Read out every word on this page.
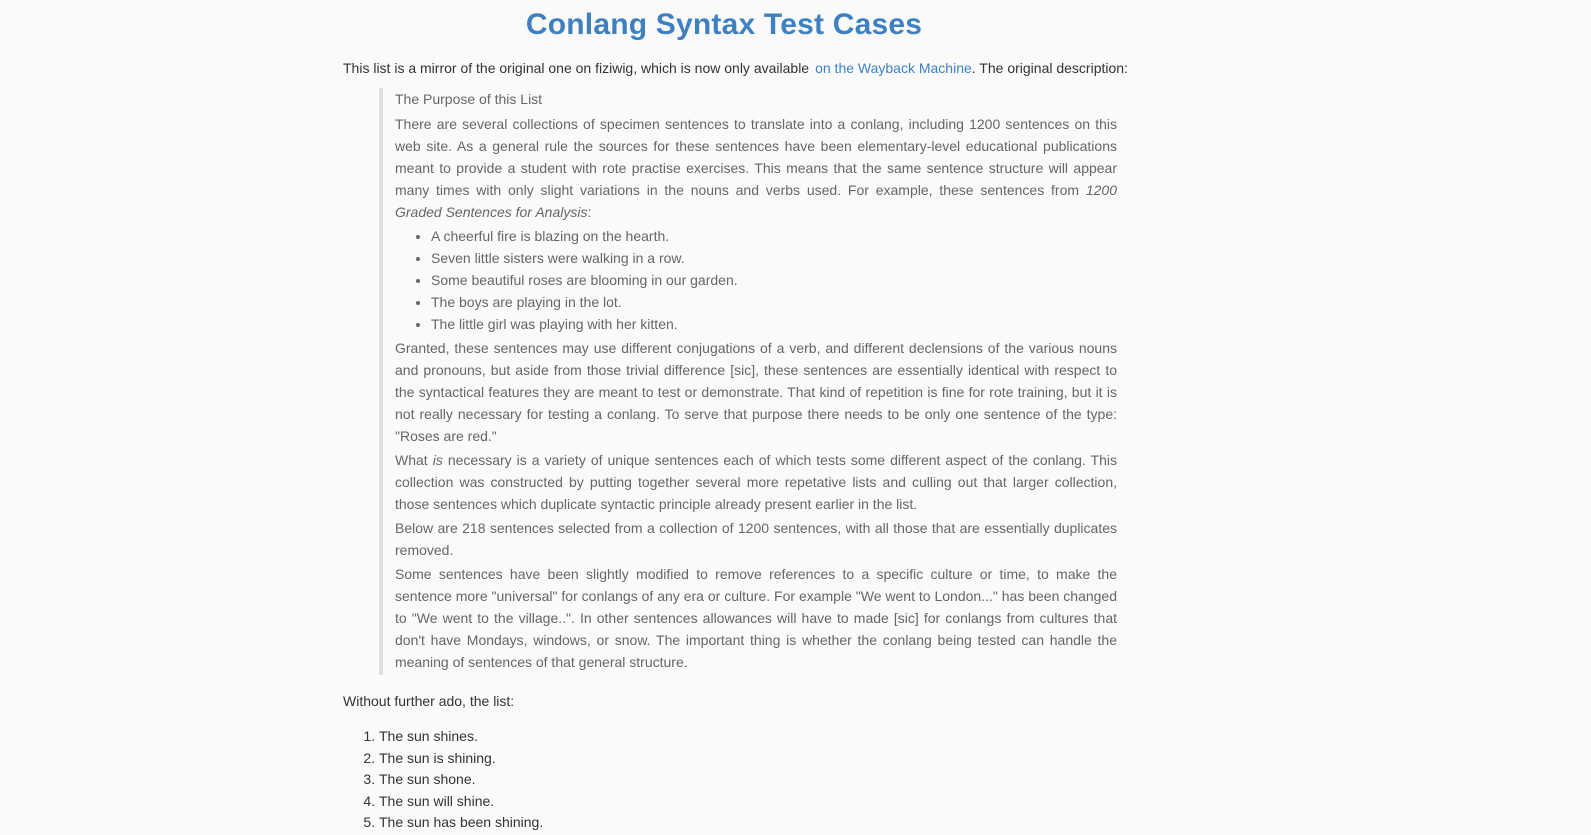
Conlang Syntax Test Cases

This list is a mirror of the original one on fiziwig, which is now only available on the Wayback Machine. The original description:

The Purpose of this List

There are several collections of specimen sentences to translate into a conlang, including 1200 sentences on this web site. As a general rule the sources for these sentences have been elementary-level educational publications meant to provide a student with rote practise exercises. This means that the same sentence structure will appear many times with only slight variations in the nouns and verbs used. For example, these sentences from 1200 Graded Sentences for Analysis:

• A cheerful fire is blazing on the hearth.
• Seven little sisters were walking in a row.
• Some beautiful roses are blooming in our garden.
• The boys are playing in the lot.
• The little girl was playing with her kitten.

Granted, these sentences may use different conjugations of a verb, and different declensions of the various nouns and pronouns, but aside from those trivial difference [sic], these sentences are essentially identical with respect to the syntactical features they are meant to test or demonstrate. That kind of repetition is fine for rote training, but it is not really necessary for testing a conlang. To serve that purpose there needs to be only one sentence of the type: "Roses are red."

What is necessary is a variety of unique sentences each of which tests some different aspect of the conlang. This collection was constructed by putting together several more repetative lists and culling out that larger collection, those sentences which duplicate syntactic principle already present earlier in the list.

Below are 218 sentences selected from a collection of 1200 sentences, with all those that are essentially duplicates removed.

Some sentences have been slightly modified to remove references to a specific culture or time, to make the sentence more "universal" for conlangs of any era or culture. For example "We went to London..." has been changed to "We went to the village..". In other sentences allowances will have to made [sic] for conlangs from cultures that don't have Mondays, windows, or snow. The important thing is whether the conlang being tested can handle the meaning of sentences of that general structure.

Without further ado, the list:

1. The sun shines.
2. The sun is shining.
3. The sun shone.
4. The sun will shine.
5. The sun has been shining.
